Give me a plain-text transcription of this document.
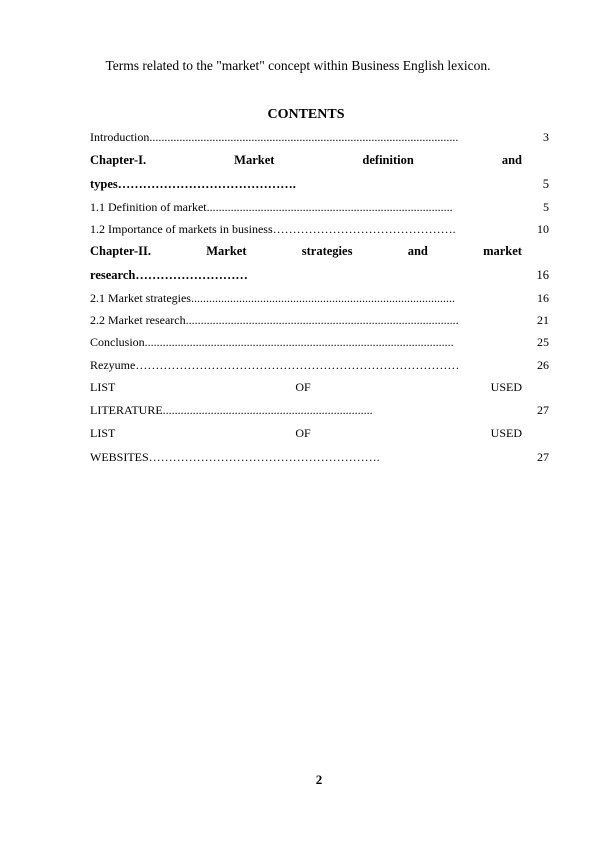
Terms related to the "market" concept within Business English lexicon.
CONTENTS
Introduction.......................................................................................................	3
Chapter-I.	Market	definition	and
types…………………………………….	5
1.1 Definition of market..................................................................................	5
1.2 Importance of markets in business……………………………………….	10
Chapter-II.	Market	strategies	and	market
research………………………	16
2.1 Market strategies........................................................................................	16
2.2 Market research...........................................................................................	21
Conclusion.......................................................................................................	25
Rezyume………………………………………………………………………	26
LIST	OF	USED
LITERATURE......................................................................	27
LIST	OF	USED
WEBSITES………………………………………………….	27
2
